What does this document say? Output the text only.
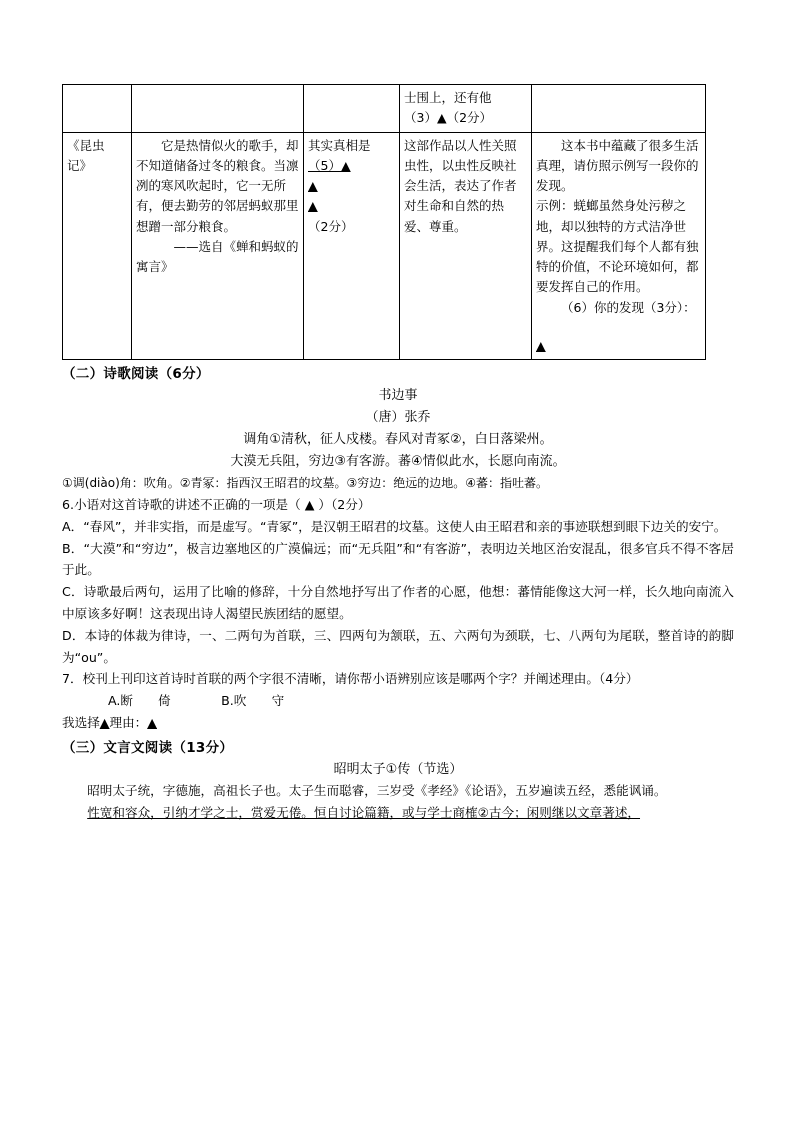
			士围上，还有他
（3）▲（2分）	
《昆虫
记》	它是热情似火的歌手，却不知道储备过冬的粮食。当凛冽的寒风吹起时，它一无所有，便去勤劳的邻居蚂蚁那里想蹭一部分粮食。
——选自《蝉和蚂蚁的寓言》	其实真相是
（5）▲
▲
▲
（2分）	这部作品以人性关照虫性，以虫性反映社会生活，表达了作者对生命和自然的热爱、尊重。	这本书中蕴藏了很多生活真理，请仿照示例写一段你的发现。
示例：蜣螂虽然身处污秽之地，却以独特的方式洁净世界。这提醒我们每个人都有独特的价值，不论环境如何，都要发挥自己的作用。
（6）你的发现（3分）：
▲
（二）诗歌阅读（6分）
书边事
（唐）张乔
调角①清秋，征人戍楼。春风对青冢②，白日落梁州。
大漠无兵阻，穷边③有客游。蕃④情似此水，长愿向南流。
①调(diào)角：吹角。②青冢：指西汉王昭君的坟墓。③穷边：绝远的边地。④蕃：指吐蕃。
6.小语对这首诗歌的讲述不正确的一项是（ ▲ ）（2分）
A．“春风”，并非实指，而是虚写。“青冢”，是汉朝王昭君的坟墓。这使人由王昭君和亲的事迹联想到眼下边关的安宁。
B．“大漠”和“穷边”，极言边塞地区的广漠偏远；而“无兵阻”和“有客游”，表明边关地区治安混乱，很多官兵不得不客居于此。
C．诗歌最后两句，运用了比喻的修辞，十分自然地抒写出了作者的心愿，他想：蕃情能像这大河一样，长久地向南流入中原该多好啊！这表现出诗人渴望民族团结的愿望。
D．本诗的体裁为律诗，一、二两句为首联，三、四两句为颔联，五、六两句为颈联，七、八两句为尾联，整首诗的韵脚为“ou”。
7．校刊上刊印这首诗时首联的两个字很不清晰，请你帮小语辨别应该是哪两个字？并阐述理由。（4分）
A.断　　倚　　　　B.吹　　守
我选择▲理由：▲
（三）文言文阅读（13分）
昭明太子①传（节选）
昭明太子统，字德施，高祖长子也。太子生而聪睿，三岁受《孝经》《论语》，五岁遍读五经，悉能讽诵。
性宽和容众，引纳才学之士，赏爱无倦。恒自讨论篇籍，或与学士商榷②古今；闲则继以文章著述，
